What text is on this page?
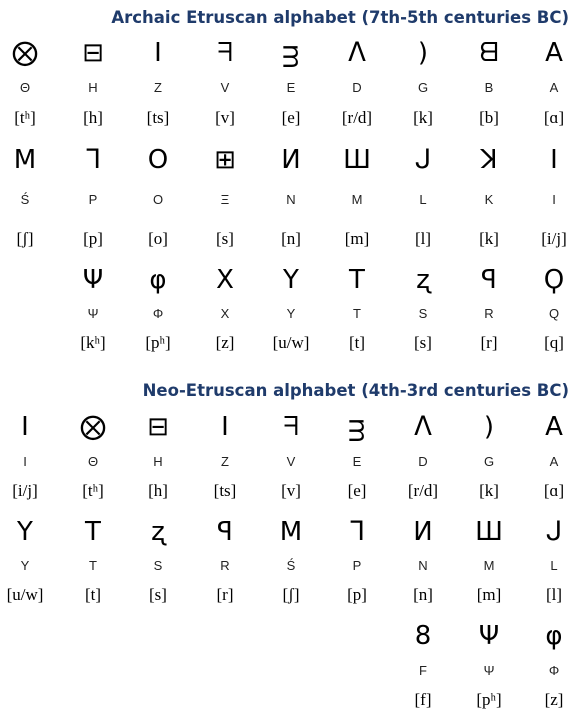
Archaic Etruscan alphabet (7th-5th centuries BC)
Neo-Etruscan alphabet (4th-3rd centuries BC)
⨂
Θ
[tʰ]
⊟
H
[h]
I
Z
[ts]
ᖷ
V
[v]
ᴟ
E
[e]
ᐱ
D
[r/d]
)
G
[k]
ᗺ
B
[b]
A
A
[ɑ]
M
Ś
[ʃ]
ᒣ
P
[p]
O
O
[o]
⊞
Ξ
[s]
И
N
[n]
Ш
M
[m]
ᒍ
L
[l]
ꓘ
K
[k]
I
I
[i/j]
Ψ
Ψ
[kʰ]
φ
Φ
[pʰ]
X
X
[z]
Y
Y
[u/w]
T
T
[t]
ʐ
S
[s]
ꟼ
R
[r]
Ϙ
Q
[q]
I
I
[i/j]
⨂
Θ
[tʰ]
⊟
H
[h]
I
Z
[ts]
ᖷ
V
[v]
ᴟ
E
[e]
ᐱ
D
[r/d]
)
G
[k]
A
A
[ɑ]
Y
Y
[u/w]
T
T
[t]
ʐ
S
[s]
ꟼ
R
[r]
M
Ś
[ʃ]
ᒣ
P
[p]
И
N
[n]
Ш
M
[m]
ᒍ
L
[l]
8
F
[f]
Ψ
Ψ
[pʰ]
φ
Φ
[z]
